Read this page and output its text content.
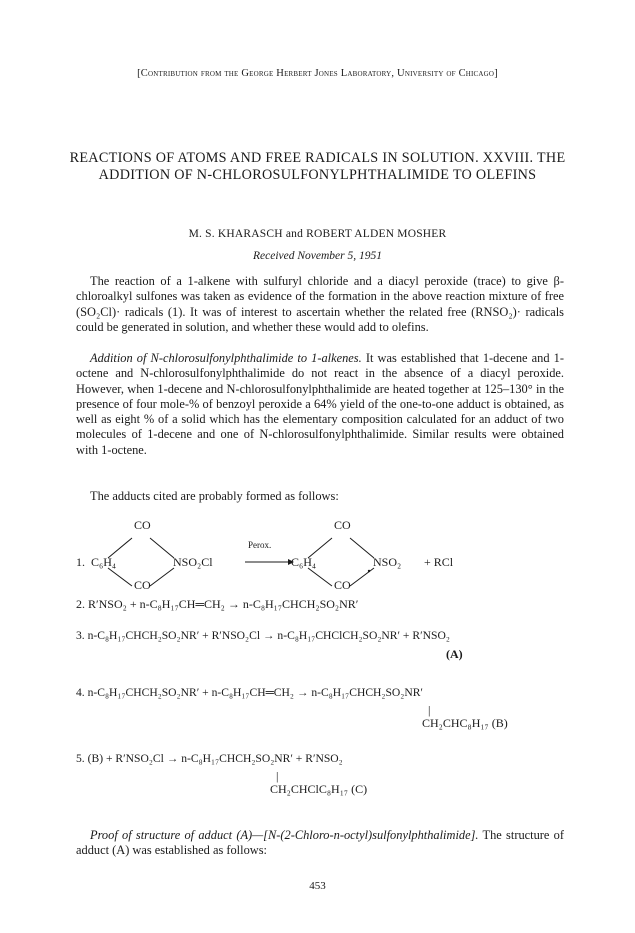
[Contribution from the George Herbert Jones Laboratory, University of Chicago]
REACTIONS OF ATOMS AND FREE RADICALS IN SOLUTION. XXVIII. THE ADDITION OF N-CHLOROSULFONYLPHTHALIMIDE TO OLEFINS
M. S. KHARASCH and ROBERT ALDEN MOSHER
Received November 5, 1951
The reaction of a 1-alkene with sulfuryl chloride and a diacyl peroxide (trace) to give β-chloroalkyl sulfones was taken as evidence of the formation in the above reaction mixture of free (SO₂Cl)· radicals (1). It was of interest to ascertain whether the related free (RNSO₂)· radicals could be generated in solution, and whether these would add to olefins.
Addition of N-chlorosulfonylphthalimide to 1-alkenes. It was established that 1-decene and 1-octene and N-chlorosulfonylphthalimide do not react in the absence of a diacyl peroxide. However, when 1-decene and N-chlorosulfonylphthalimide are heated together at 125–130° in the presence of four mole-% of benzoyl peroxide a 64% yield of the one-to-one adduct is obtained, as well as eight % of a solid which has the elementary composition calculated for an adduct of two molecules of 1-decene and one of N-chlorosulfonylphthalimide. Similar results were obtained with 1-octene.
The adducts cited are probably formed as follows:
CO
CO
1. C₆H₄	NSO₂Cl
Perox.
CO
CO
C₆H₄	NSO₂ + RCl
2. R′NSO₂ + n-C₈H₁₇CH═CH₂ → n-C₈H₁₇CHCH₂SO₂NR′
3. n-C₈H₁₇CHCH₂SO₂NR′ + R′NSO₂Cl → n-C₈H₁₇CHClCH₂SO₂NR′ + R′NSO₂
(A)
4. n-C₈H₁₇CHCH₂SO₂NR′ + n-C₈H₁₇CH═CH₂ → n-C₈H₁₇CHCH₂SO₂NR′
|
CH₂CHC₈H₁₇ (B)
5. (B) + R′NSO₂Cl → n-C₈H₁₇CHCH₂SO₂NR′ + R′NSO₂
|
CH₂CHClC₈H₁₇ (C)
Proof of structure of adduct (A)—[N-(2-Chloro-n-octyl)sulfonylphthalimide]. The structure of adduct (A) was established as follows:
453
